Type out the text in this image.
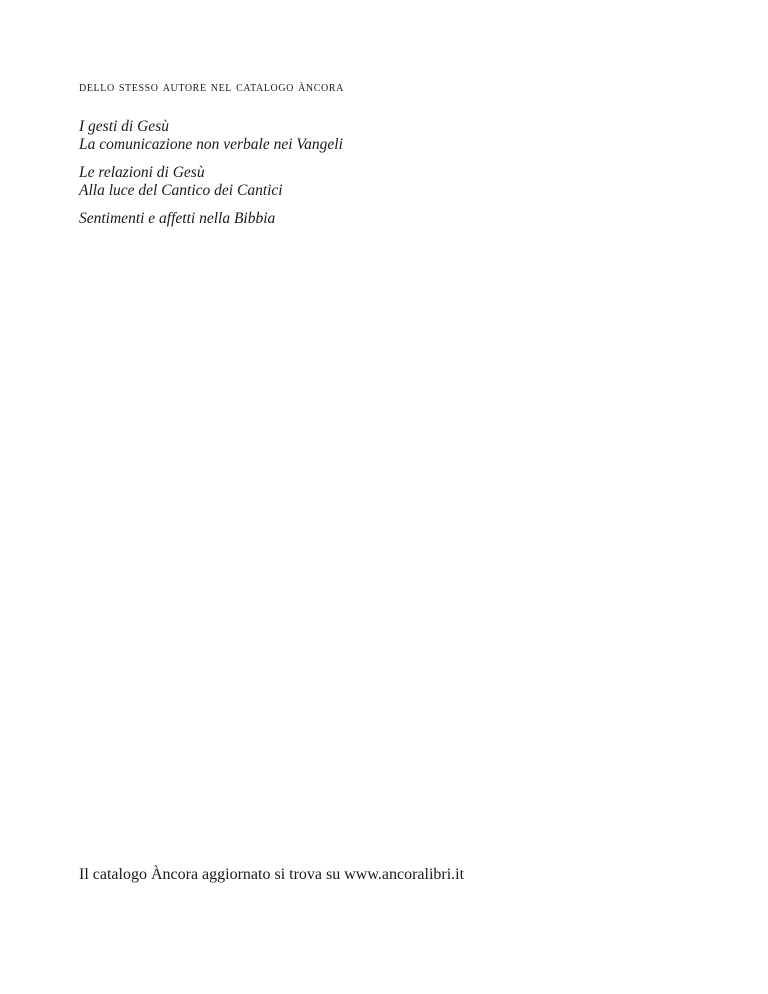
dello stesso autore nel catalogo àncora
I gesti di Gesù
La comunicazione non verbale nei Vangeli
Le relazioni di Gesù
Alla luce del Cantico dei Cantici
Sentimenti e affetti nella Bibbia
Il catalogo Àncora aggiornato si trova su www.ancoralibri.it
